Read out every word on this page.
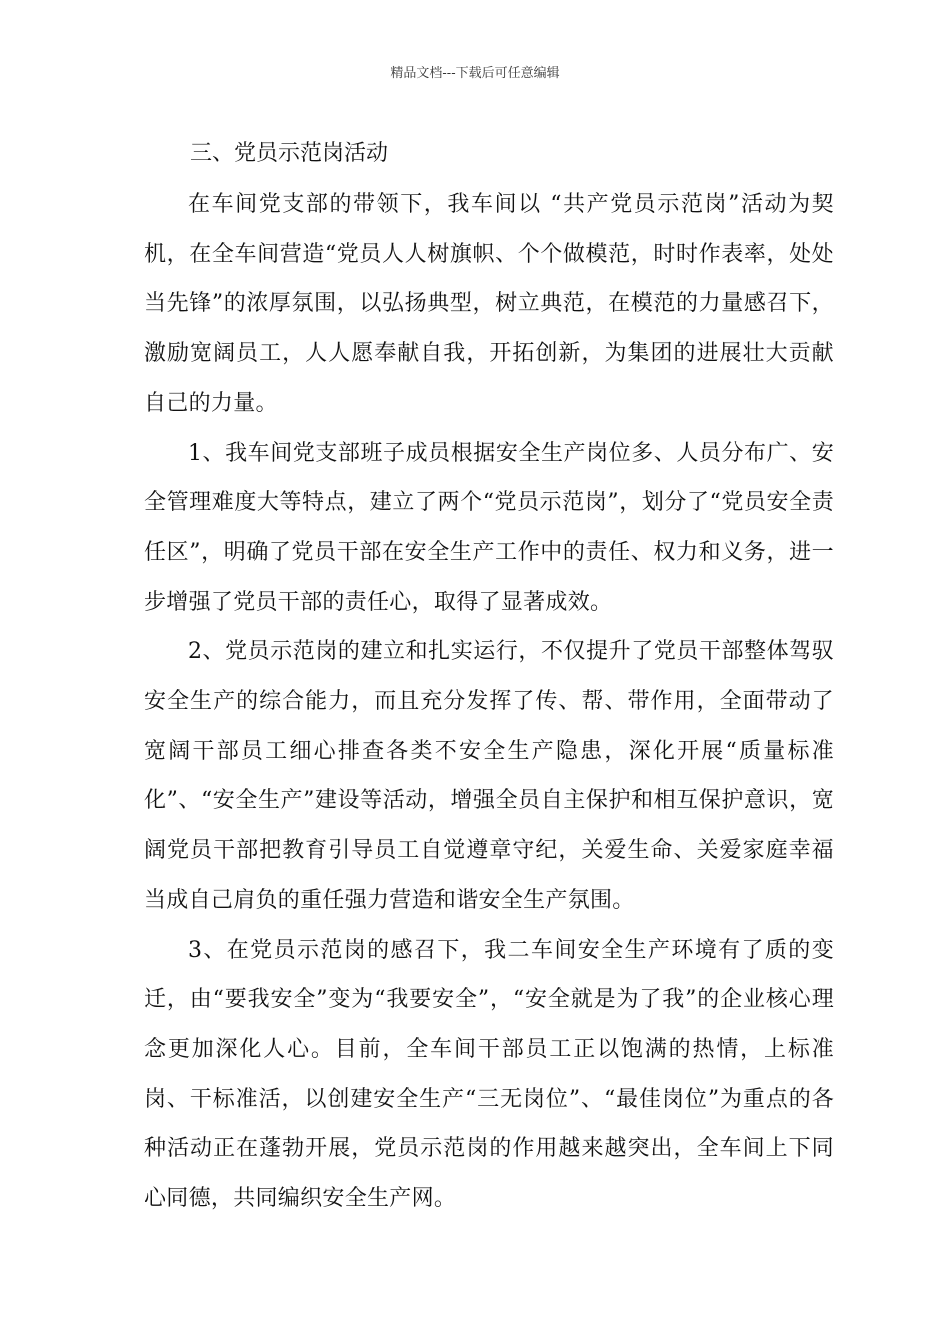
精品文档---下载后可任意编辑
三、党员示范岗活动

在车间党支部的带领下，我车间以 “共产党员示范岗”活动为契机，在全车间营造“党员人人树旗帜、个个做模范，时时作表率，处处当先锋”的浓厚氛围，以弘扬典型，树立典范，在模范的力量感召下，激励宽阔员工，人人愿奉献自我，开拓创新，为集团的进展壮大贡献自己的力量。

1、我车间党支部班子成员根据安全生产岗位多、人员分布广、安全管理难度大等特点，建立了两个“党员示范岗”，划分了“党员安全责任区”，明确了党员干部在安全生产工作中的责任、权力和义务，进一步增强了党员干部的责任心，取得了显著成效。

2、党员示范岗的建立和扎实运行，不仅提升了党员干部整体驾驭安全生产的综合能力，而且充分发挥了传、帮、带作用，全面带动了宽阔干部员工细心排查各类不安全生产隐患，深化开展“质量标准化”、“安全生产”建设等活动，增强全员自主保护和相互保护意识，宽阔党员干部把教育引导员工自觉遵章守纪，关爱生命、关爱家庭幸福当成自己肩负的重任强力营造和谐安全生产氛围。

3、在党员示范岗的感召下，我二车间安全生产环境有了质的变迁，由“要我安全”变为“我要安全”，“安全就是为了我”的企业核心理念更加深化人心。目前，全车间干部员工正以饱满的热情，上标准岗、干标准活，以创建安全生产“三无岗位”、“最佳岗位”为重点的各种活动正在蓬勃开展，党员示范岗的作用越来越突出，全车间上下同心同德，共同编织安全生产网。
